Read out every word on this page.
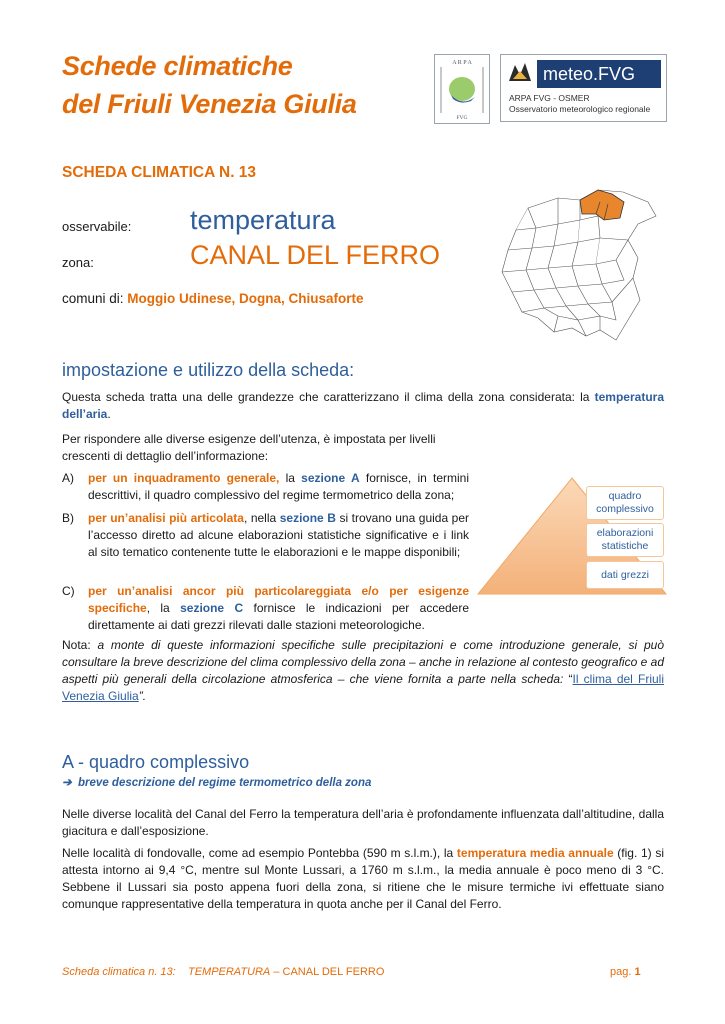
Schede climatiche
del Friuli Venezia Giulia
A R P A
FVG
meteo.FVG
ARPA FVG - OSMER
Osservatorio meteorologico regionale
SCHEDA CLIMATICA N. 13
osservabile: temperatura
zona:	CANAL DEL FERRO
comuni di: Moggio Udinese, Dogna, Chiusaforte
impostazione e utilizzo della scheda:
Questa scheda tratta una delle grandezze che caratterizzano il clima della zona considerata: la temperatura dell’aria.
Per rispondere alle diverse esigenze dell’utenza, è impostata per livelli crescenti di dettaglio dell’informazione:
A) per un inquadramento generale, la sezione A fornisce, in termini descrittivi, il quadro complessivo del regime termometrico della zona;
B) per un’analisi più articolata, nella sezione B si trovano una guida per l’accesso diretto ad alcune elaborazioni statistiche significative e i link al sito tematico contenente tutte le elaborazioni e le mappe disponibili;
C) per un’analisi ancor più particolareggiata e/o per esigenze specifiche, la sezione C fornisce le indicazioni per accedere direttamente ai dati grezzi rilevati dalle stazioni meteorologiche.
quadro complessivo
elaborazioni statistiche
dati grezzi
Nota: a monte di queste informazioni specifiche sulle precipitazioni e come introduzione generale, si può consultare la breve descrizione del clima complessivo della zona – anche in relazione al contesto geografico e ad aspetti più generali della circolazione atmosferica – che viene fornita a parte nella scheda: “Il clima del Friuli Venezia Giulia”.
A - quadro complessivo
➔  breve descrizione del regime termometrico della zona
Nelle diverse località del Canal del Ferro la temperatura dell’aria è profondamente influenzata dall’altitudine, dalla giacitura e dall’esposizione.
Nelle località di fondovalle, come ad esempio Pontebba (590 m s.l.m.), la temperatura media annuale (fig. 1) si attesta intorno ai 9,4 °C, mentre sul Monte Lussari, a 1760 m s.l.m., la media annuale è poco meno di 3 °C. Sebbene il Lussari sia posto appena fuori della zona, si ritiene che le misure termiche ivi effettuate siano comunque rappresentative della temperatura in quota anche per il Canal del Ferro.
Scheda climatica n. 13: TEMPERATURA – CANAL DEL FERRO	pag. 1
